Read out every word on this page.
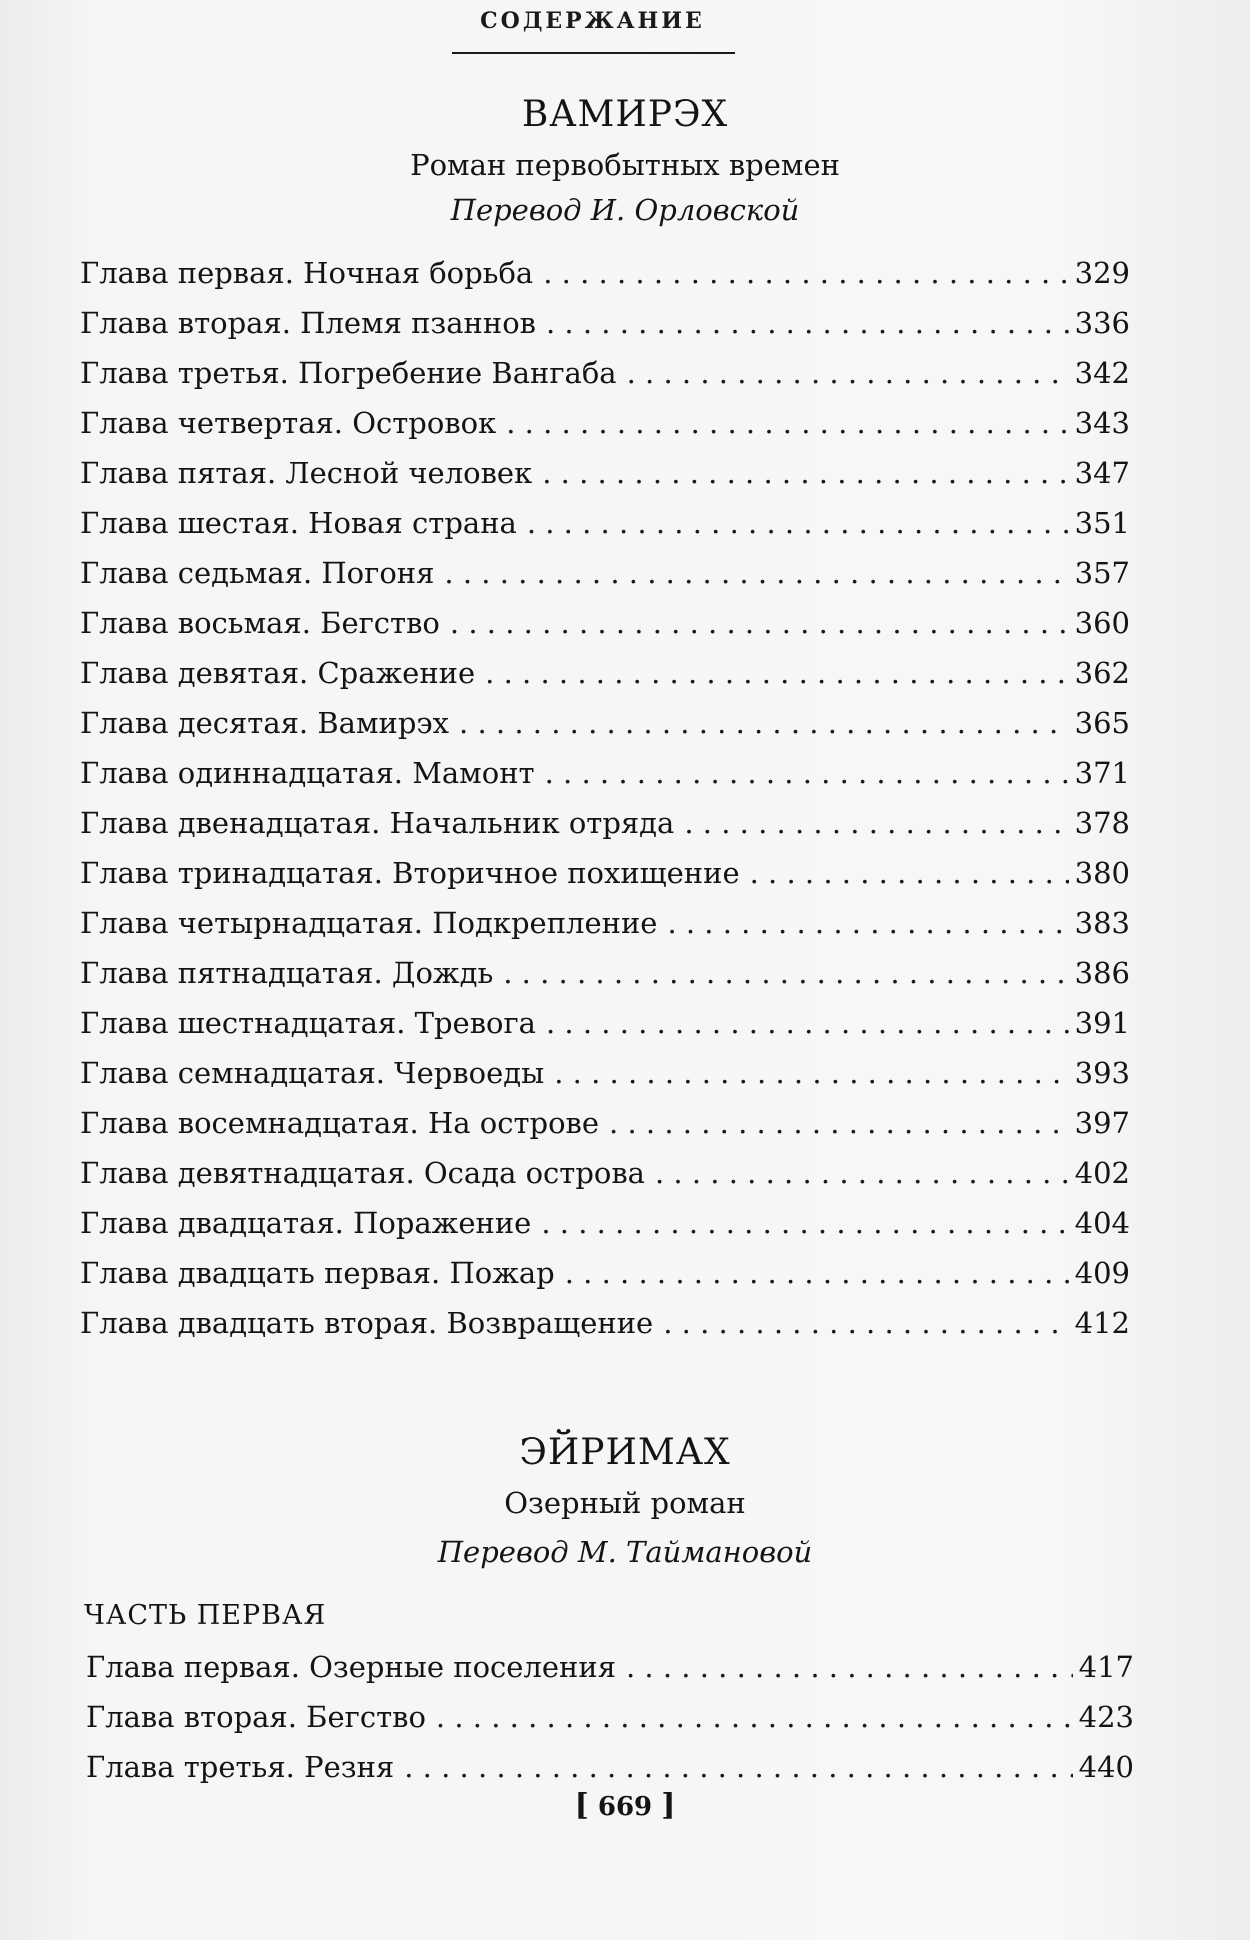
СОДЕРЖАНИЕ
ВАМИРЭХ
Роман первобытных времен
Перевод И. Орловской
Глава первая. Ночная борьба . . .	329
Глава вторая. Племя пзаннов . . .	336
Глава третья. Погребение Вангаба . . .	342
Глава четвертая. Островок . . .	343
Глава пятая. Лесной человек . . .	347
Глава шестая. Новая страна . . .	351
Глава седьмая. Погоня . . .	357
Глава восьмая. Бегство . . .	360
Глава девятая. Сражение . . .	362
Глава десятая. Вамирэх . . .	365
Глава одиннадцатая. Мамонт . . .	371
Глава двенадцатая. Начальник отряда . . .	378
Глава тринадцатая. Вторичное похищение . . .	380
Глава четырнадцатая. Подкрепление . . .	383
Глава пятнадцатая. Дождь . . .	386
Глава шестнадцатая. Тревога . . .	391
Глава семнадцатая. Червоеды . . .	393
Глава восемнадцатая. На острове . . .	397
Глава девятнадцатая. Осада острова . . .	402
Глава двадцатая. Поражение . . .	404
Глава двадцать первая. Пожар . . .	409
Глава двадцать вторая. Возвращение . . .	412
ЭЙРИМАХ
Озерный роман
Перевод М. Таймановой
ЧАСТЬ ПЕРВАЯ
Глава первая. Озерные поселения . . .	417
Глава вторая. Бегство . . .	423
Глава третья. Резня . . .	440
[ 669 ]
